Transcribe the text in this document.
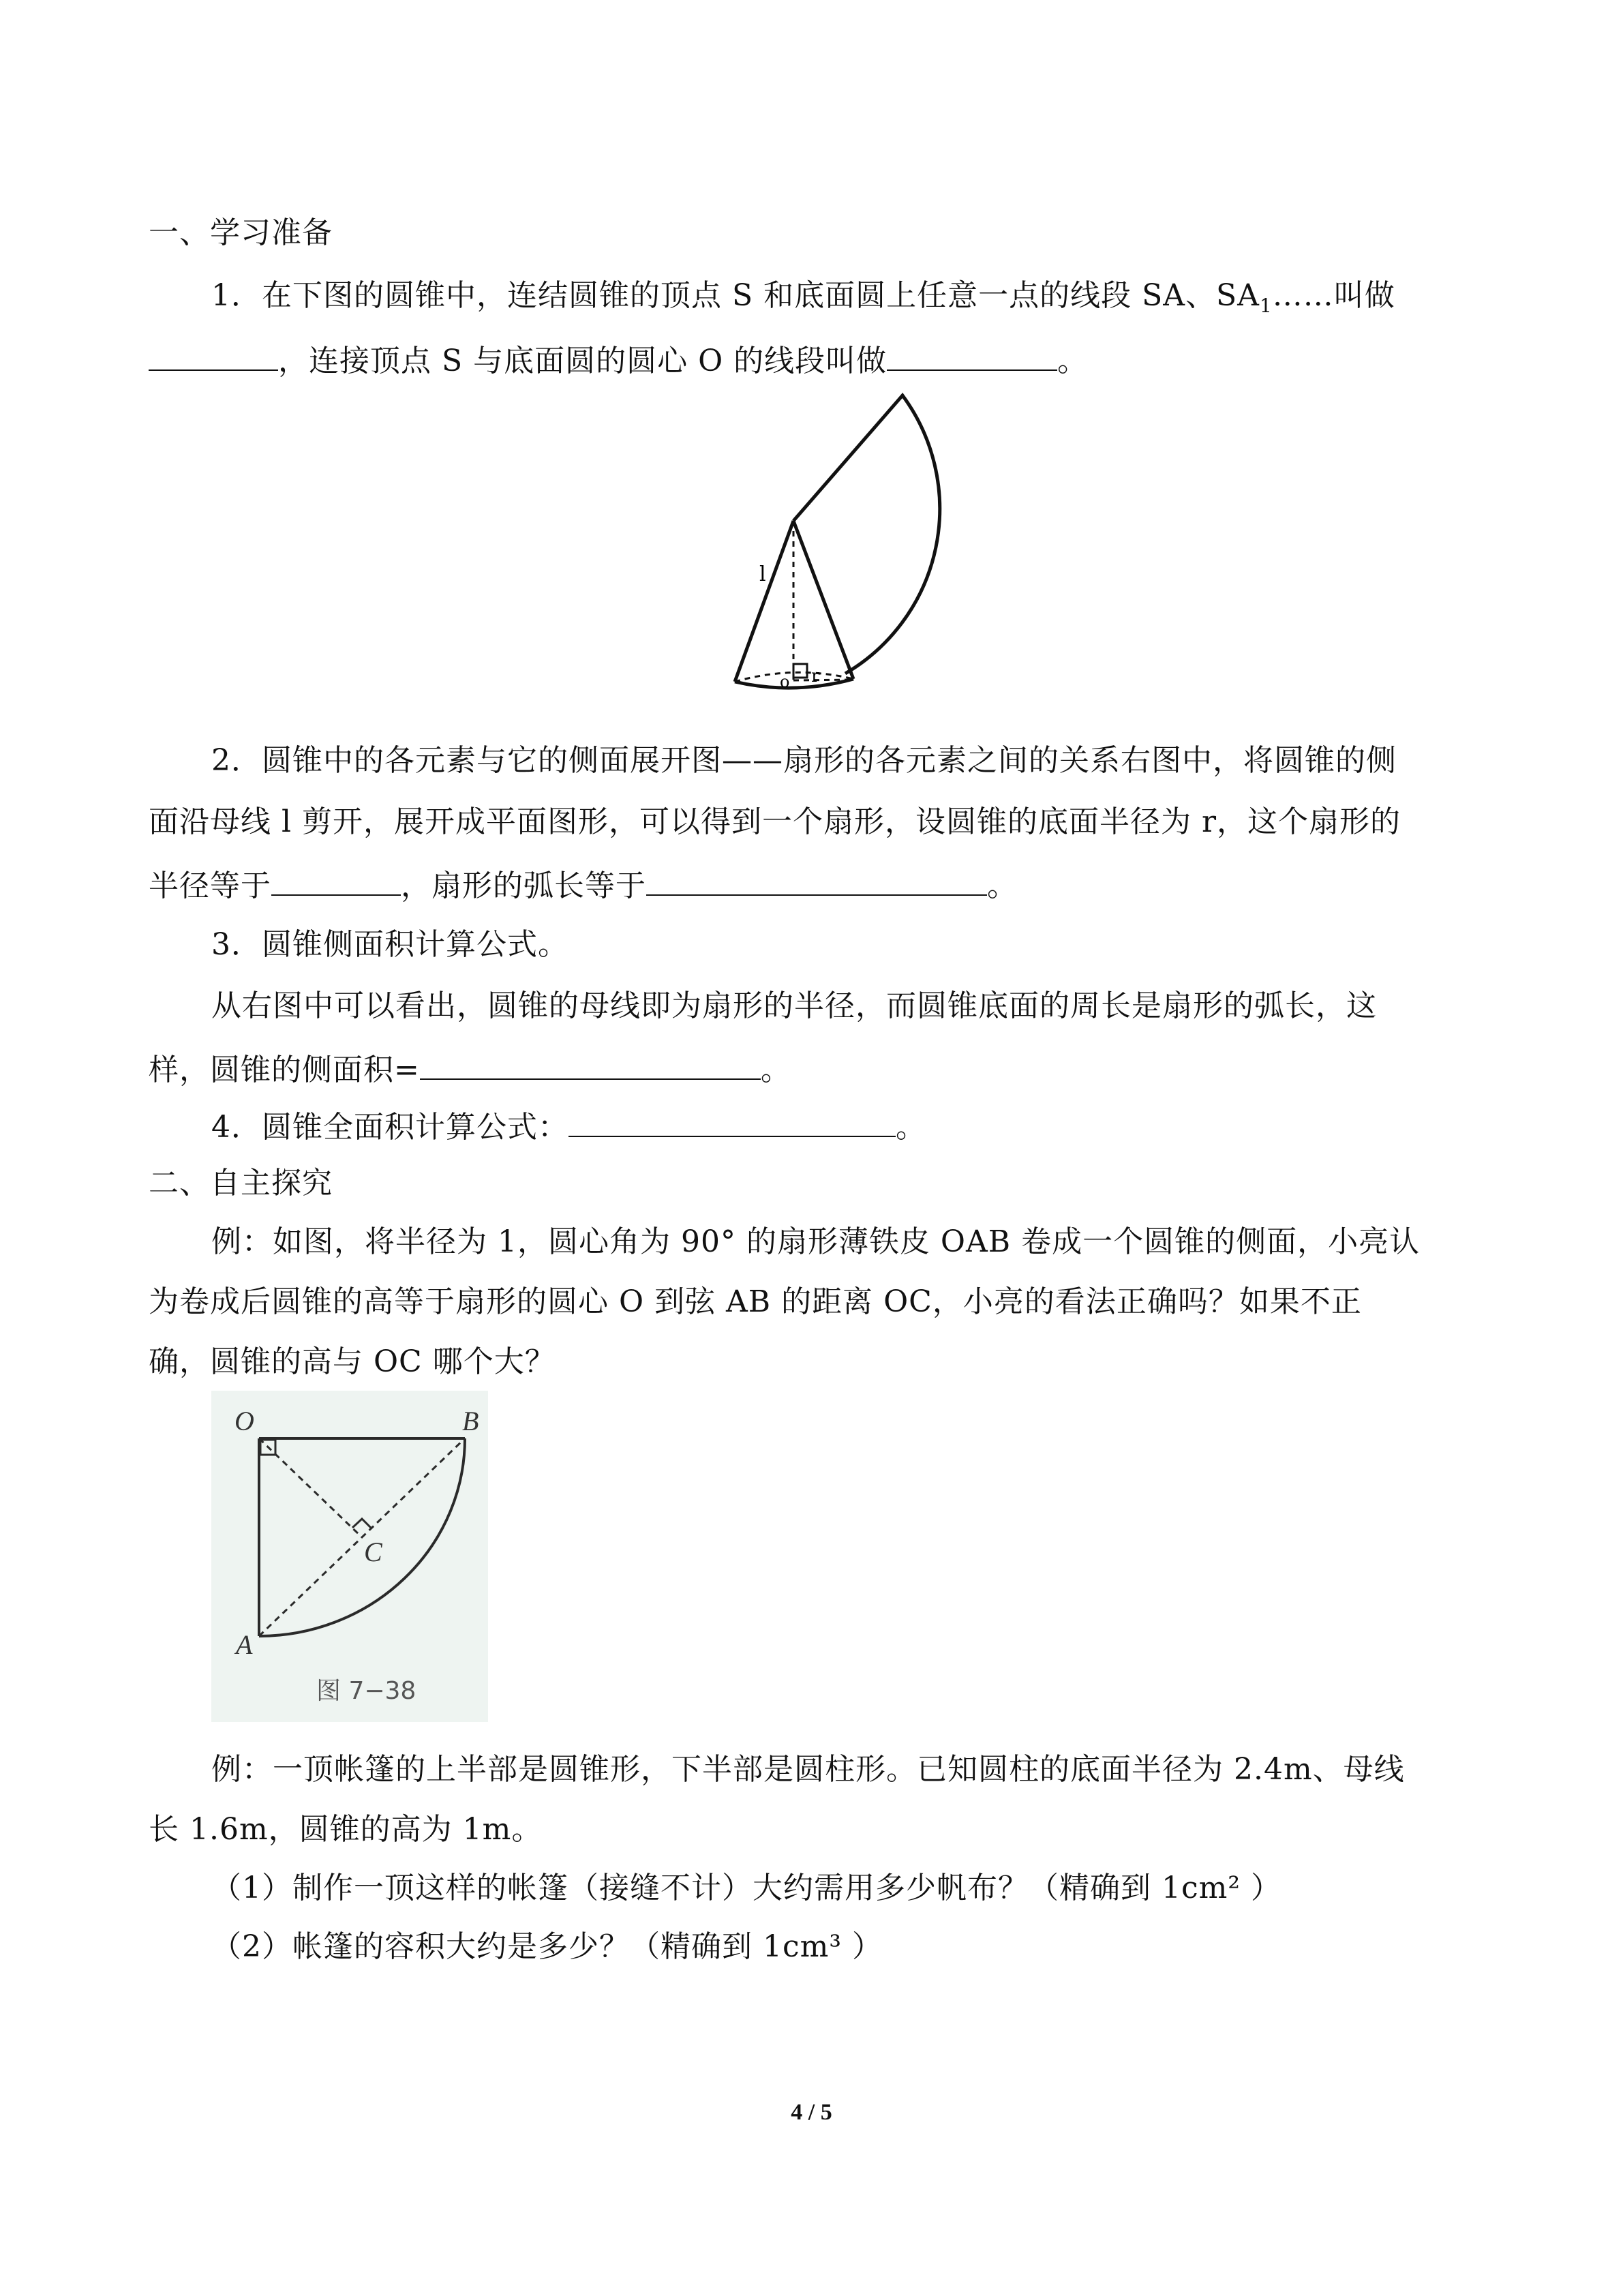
一、学习准备
1．在下图的圆锥中，连结圆锥的顶点 S 和底面圆上任意一点的线段 SA、$SA_1\dots\dots$叫做
，连接顶点 S 与底面圆的圆心 O 的线段叫做	。
l
o r
2．圆锥中的各元素与它的侧面展开图——扇形的各元素之间的关系右图中，将圆锥的侧
面沿母线 l 剪开，展开成平面图形，可以得到一个扇形，设圆锥的底面半径为 r，这个扇形的
半径等于	，扇形的弧长等于	。
3．圆锥侧面积计算公式。
从右图中可以看出，圆锥的母线即为扇形的半径，而圆锥底面的周长是扇形的弧长，这
样，圆锥的侧面积=	。
4．圆锥全面积计算公式：	。
二、自主探究
例：如图，将半径为 1，圆心角为 90° 的扇形薄铁皮 OAB 卷成一个圆锥的侧面，小亮认
为卷成后圆锥的高等于扇形的圆心 O 到弦 AB 的距离 OC，小亮的看法正确吗？如果不正
确，圆锥的高与 OC 哪个大？
O	B
C
A
图 7−38
例：一顶帐篷的上半部是圆锥形，下半部是圆柱形。已知圆柱的底面半径为 2.4m、母线
长 1.6m，圆锥的高为 1m。
（1）制作一顶这样的帐篷（接缝不计）大约需用多少帆布？（精确到 1cm² ）
（2）帐篷的容积大约是多少？（精确到 1cm³ ）
4 / 5
